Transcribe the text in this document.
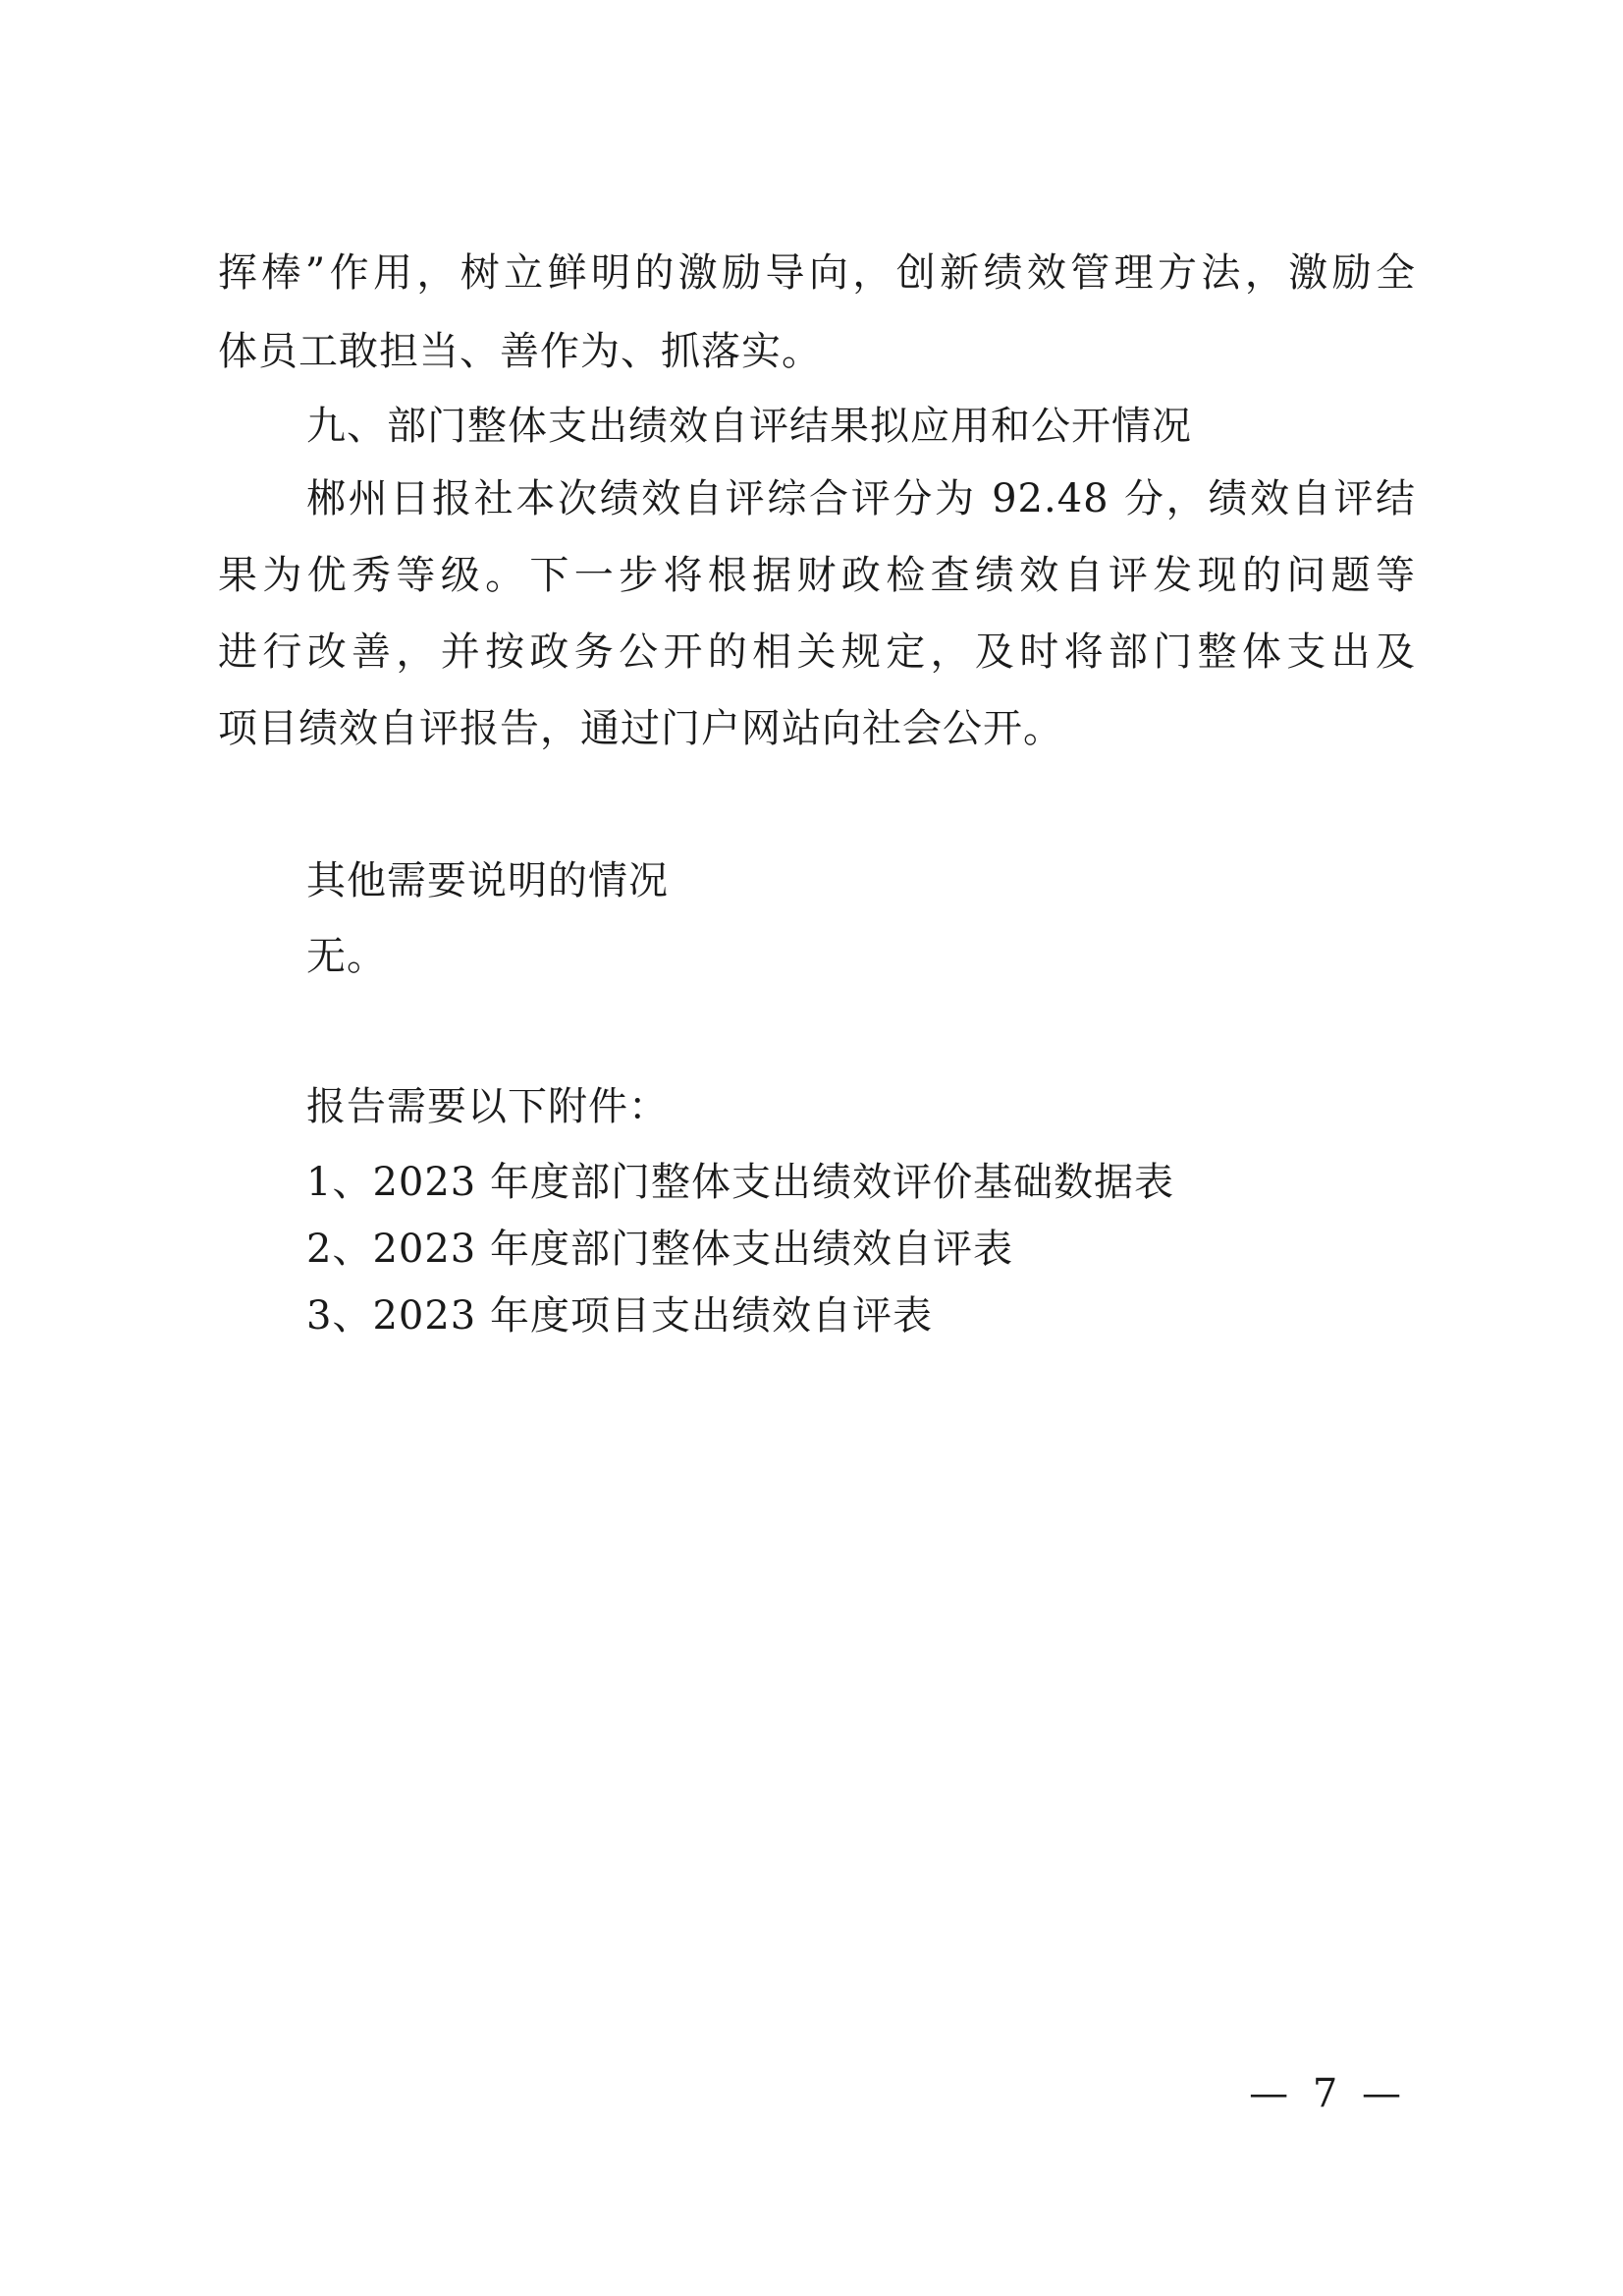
挥棒”作用，树立鲜明的激励导向，创新绩效管理方法，激励全
体员工敢担当、善作为、抓落实。
九、部门整体支出绩效自评结果拟应用和公开情况
郴州日报社本次绩效自评综合评分为 92.48 分，绩效自评结
果为优秀等级。下一步将根据财政检查绩效自评发现的问题等
进行改善，并按政务公开的相关规定，及时将部门整体支出及
项目绩效自评报告，通过门户网站向社会公开。
其他需要说明的情况
无。
报告需要以下附件：
1、2023 年度部门整体支出绩效评价基础数据表
2、2023 年度部门整体支出绩效自评表
3、2023 年度项目支出绩效自评表
— 7 —
